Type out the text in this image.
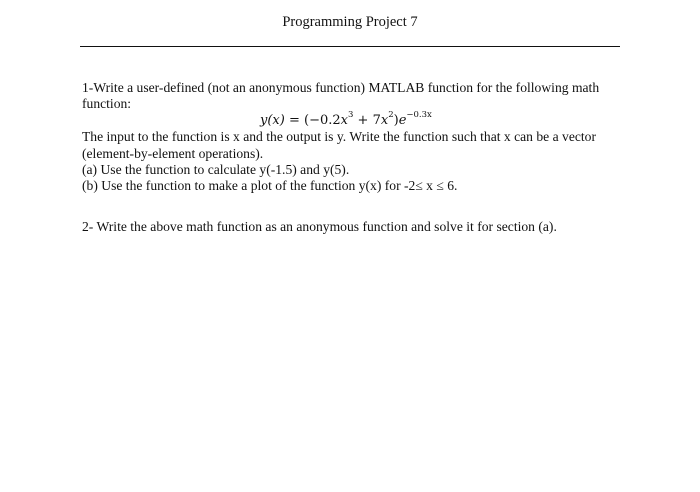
Programming Project 7
1-Write a user-defined (not an anonymous function) MATLAB function for the following math
function:
$y(x) = (-0.2x^3 + 7x^2)e^{-0.3x}$
The input to the function is x and the output is y. Write the function such that x can be a vector
(element-by-element operations).
(a) Use the function to calculate y(-1.5) and y(5).
(b) Use the function to make a plot of the function y(x) for -2≤ x ≤ 6.
2- Write the above math function as an anonymous function and solve it for section (a).
